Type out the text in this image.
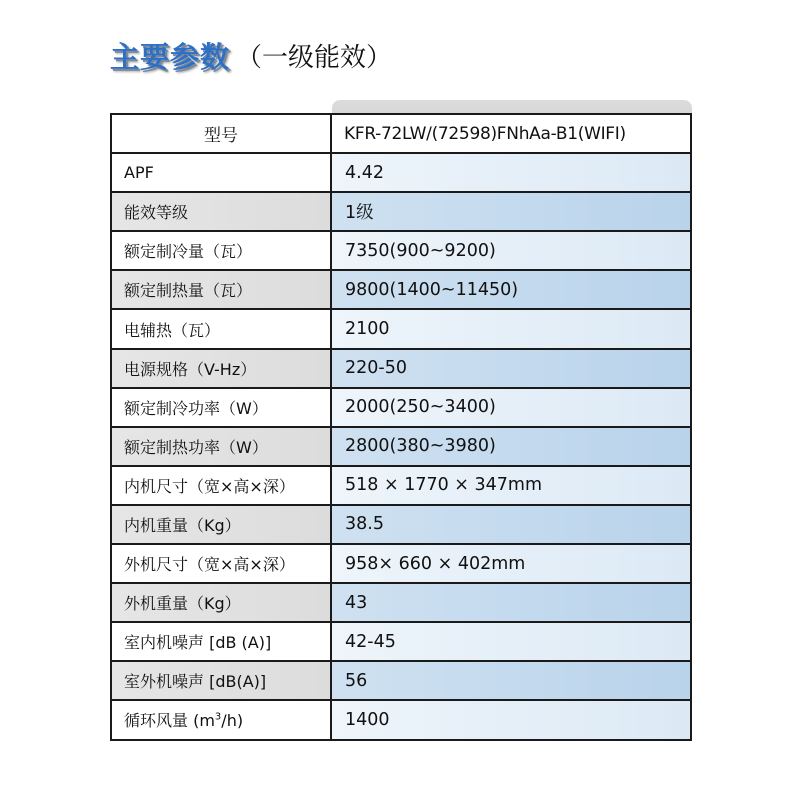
主要参数 （一级能效）
型号	KFR-72LW/(72598)FNhAa-B1(WIFI)
APF	4.42
能效等级	1级
额定制冷量（瓦）	7350(900~9200)
额定制热量（瓦）	9800(1400~11450)
电辅热（瓦）	2100
电源规格（V-Hz）	220-50
额定制冷功率（W）	2000(250~3400)
额定制热功率（W）	2800(380~3980)
内机尺寸（宽×高×深）	518 × 1770 × 347mm
内机重量（Kg）	38.5
外机尺寸（宽×高×深）	958× 660 × 402mm
外机重量（Kg）	43
室内机噪声 [dB (A)]	42-45
室外机噪声 [dB(A)]	56
循环风量 $(m^3/h)$	1400
